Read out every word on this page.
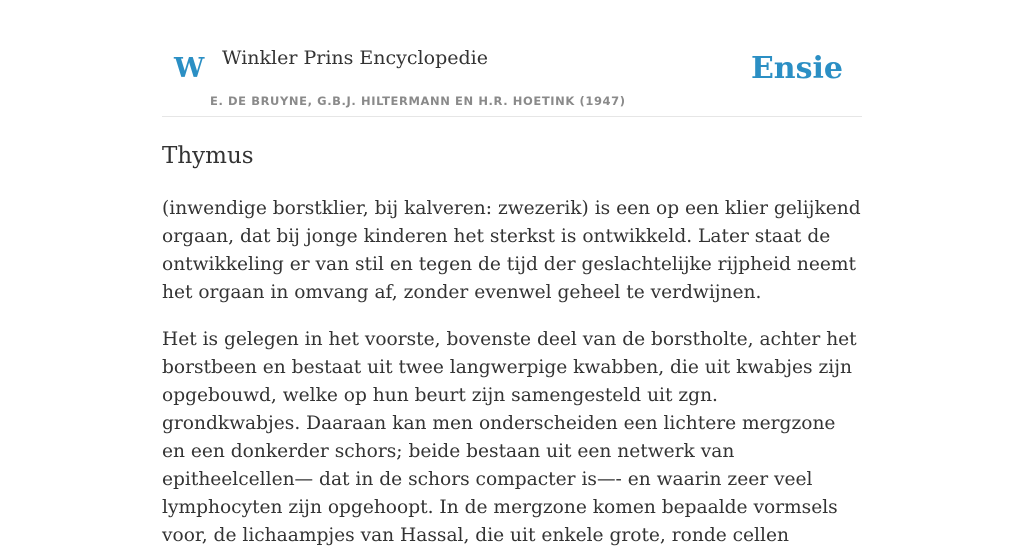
W Winkler Prins Encyclopedie
E. DE BRUYNE, G.B.J. HILTERMANN EN H.R. HOETINK (1947)
Ensie
Thymus

(inwendige borstklier, bij kalveren: zwezerik) is een op een klier gelijkend orgaan, dat bij jonge kinderen het sterkst is ontwikkeld. Later staat de ontwikkeling er van stil en tegen de tijd der geslachtelijke rijpheid neemt het orgaan in omvang af, zonder evenwel geheel te verdwijnen.

Het is gelegen in het voorste, bovenste deel van de borstholte, achter het borstbeen en bestaat uit twee langwerpige kwabben, die uit kwabjes zijn opgebouwd, welke op hun beurt zijn samengesteld uit zgn. grondkwabjes. Daaraan kan men onderscheiden een lichtere mergzone en een donkerder schors; beide bestaan uit een netwerk van epitheelcellen— dat in de schors compacter is—- en waarin zeer veel lymphocyten zijn opgehoopt. In de mergzone komen bepaalde vormsels voor, de lichaampjes van Hassal, die uit enkele grote, ronde cellen
